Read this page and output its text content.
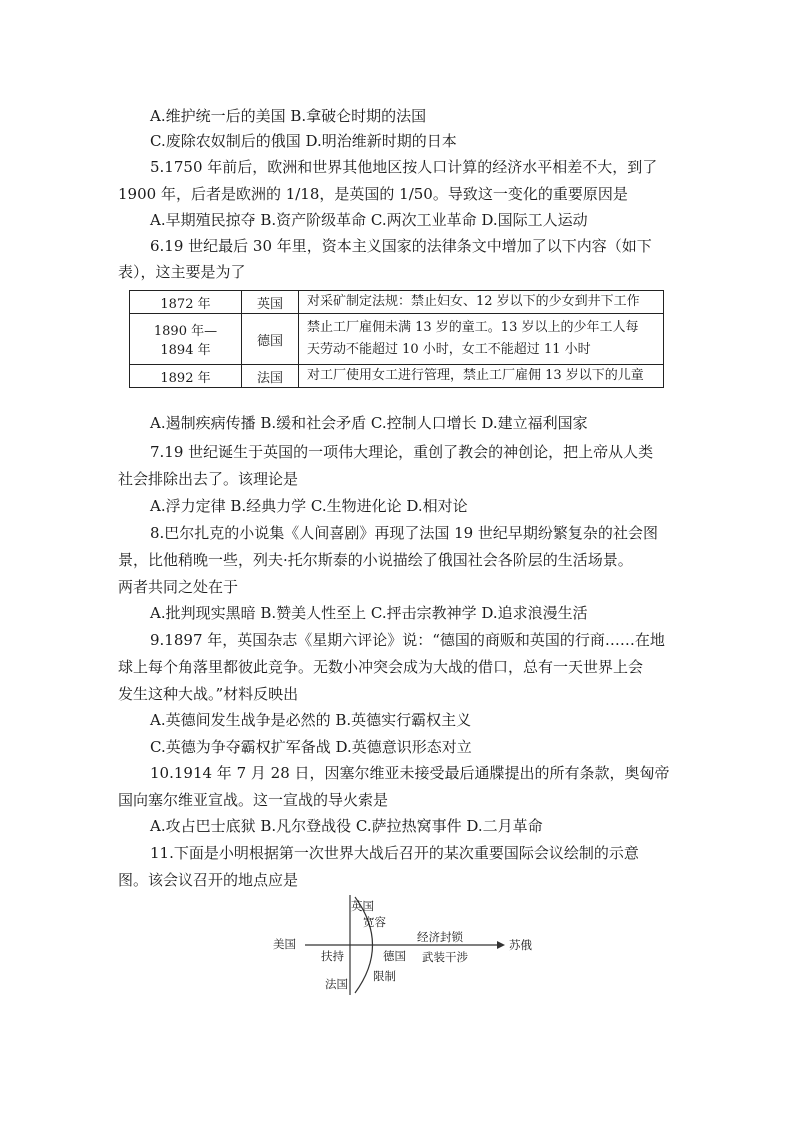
A.维护统一后的美国 B.拿破仑时期的法国
C.废除农奴制后的俄国 D.明治维新时期的日本
5.1750 年前后，欧洲和世界其他地区按人口计算的经济水平相差不大，到了
1900 年，后者是欧洲的 1/18，是英国的 1/50。导致这一变化的重要原因是
A.早期殖民掠夺 B.资产阶级革命 C.两次工业革命 D.国际工人运动
6.19 世纪最后 30 年里，资本主义国家的法律条文中增加了以下内容（如下
表），这主要是为了
1872 年	英国	对采矿制定法规：禁止妇女、12 岁以下的少女到井下工作
1890 年—1894 年	德国	禁止工厂雇佣未满 13 岁的童工。13 岁以上的少年工人每
天劳动不能超过 10 小时，女工不能超过 11 小时

1892 年	法国	对工厂使用女工进行管理，禁止工厂雇佣 13 岁以下的儿童
A.遏制疾病传播 B.缓和社会矛盾 C.控制人口增长 D.建立福利国家
7.19 世纪诞生于英国的一项伟大理论，重创了教会的神创论，把上帝从人类
社会排除出去了。该理论是
A.浮力定律 B.经典力学 C.生物进化论 D.相对论
8.巴尔扎克的小说集《人间喜剧》再现了法国 19 世纪早期纷繁复杂的社会图
景，比他稍晚一些，列夫·托尔斯泰的小说描绘了俄国社会各阶层的生活场景。
两者共同之处在于
A.批判现实黑暗 B.赞美人性至上 C.抨击宗教神学 D.追求浪漫生活
9.1897 年，英国杂志《星期六评论》说：“德国的商贩和英国的行商……在地
球上每个角落里都彼此竞争。无数小冲突会成为大战的借口，总有一天世界上会
发生这种大战。”材料反映出
A.英德间发生战争是必然的 B.英德实行霸权主义
C.英德为争夺霸权扩军备战 D.英德意识形态对立
10.1914 年 7 月 28 日，因塞尔维亚未接受最后通牒提出的所有条款，奥匈帝
国向塞尔维亚宣战。这一宣战的导火索是
A.攻占巴士底狱 B.凡尔登战役 C.萨拉热窝事件 D.二月革命
11.下面是小明根据第一次世界大战后召开的某次重要国际会议绘制的示意
图。该会议召开的地点应是
英国
宽容
美国
扶持	德国
经济封锁
苏俄
武装干涉
限制
法国
